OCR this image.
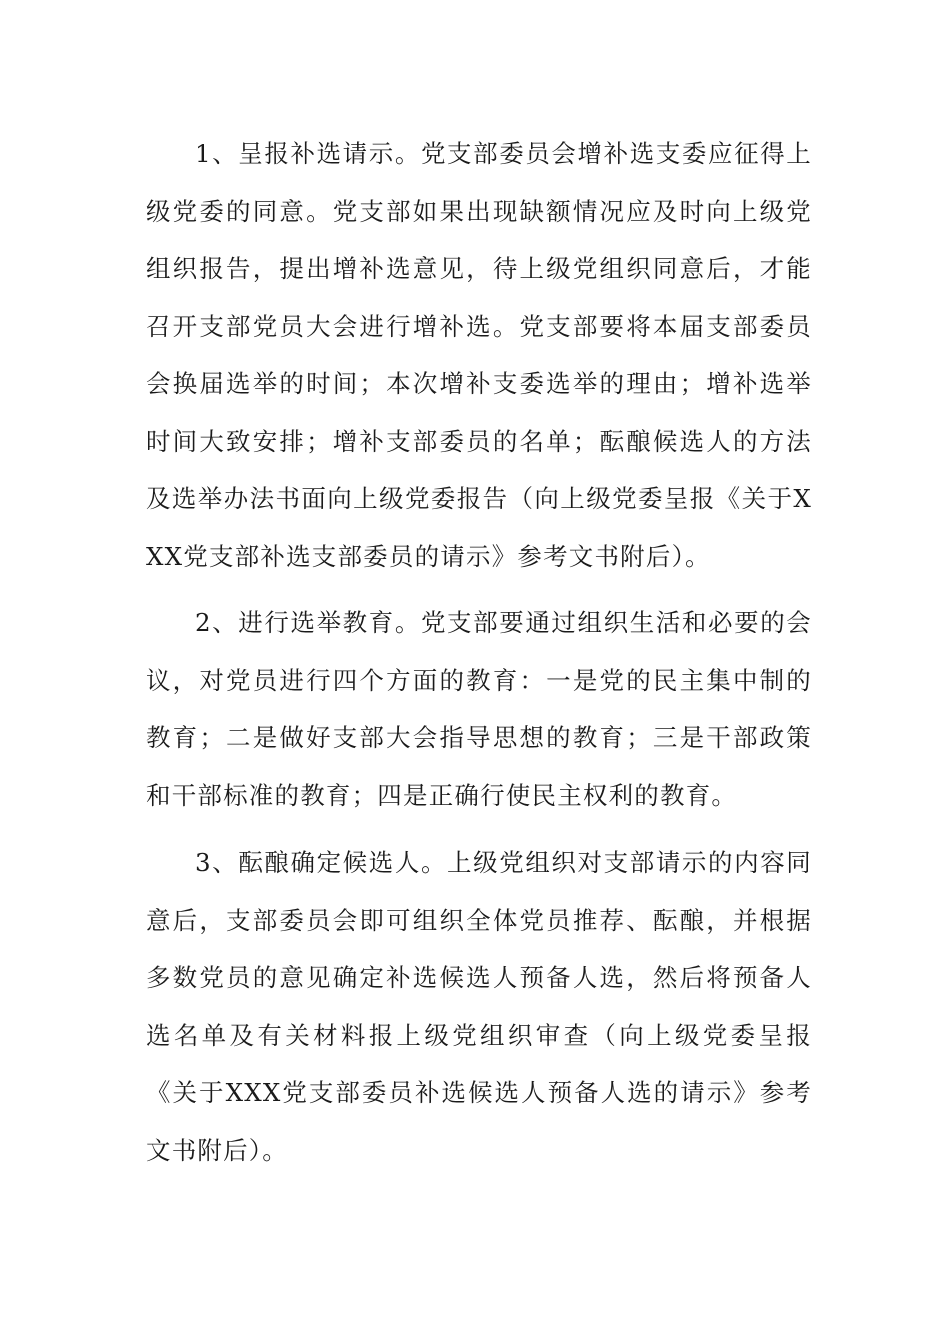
1、呈报补选请示。党支部委员会增补选支委应征得上级党委的同意。党支部如果出现缺额情况应及时向上级党组织报告，提出增补选意见，待上级党组织同意后，才能召开支部党员大会进行增补选。党支部要将本届支部委员会换届选举的时间；本次增补支委选举的理由；增补选举时间大致安排；增补支部委员的名单；酝酿候选人的方法及选举办法书面向上级党委报告（向上级党委呈报《关于XXX党支部补选支部委员的请示》参考文书附后）。

2、进行选举教育。党支部要通过组织生活和必要的会议，对党员进行四个方面的教育：一是党的民主集中制的教育；二是做好支部大会指导思想的教育；三是干部政策和干部标准的教育；四是正确行使民主权利的教育。

3、酝酿确定候选人。上级党组织对支部请示的内容同意后，支部委员会即可组织全体党员推荐、酝酿，并根据多数党员的意见确定补选候选人预备人选，然后将预备人选名单及有关材料报上级党组织审查（向上级党委呈报《关于XXX党支部委员补选候选人预备人选的请示》参考文书附后）。
